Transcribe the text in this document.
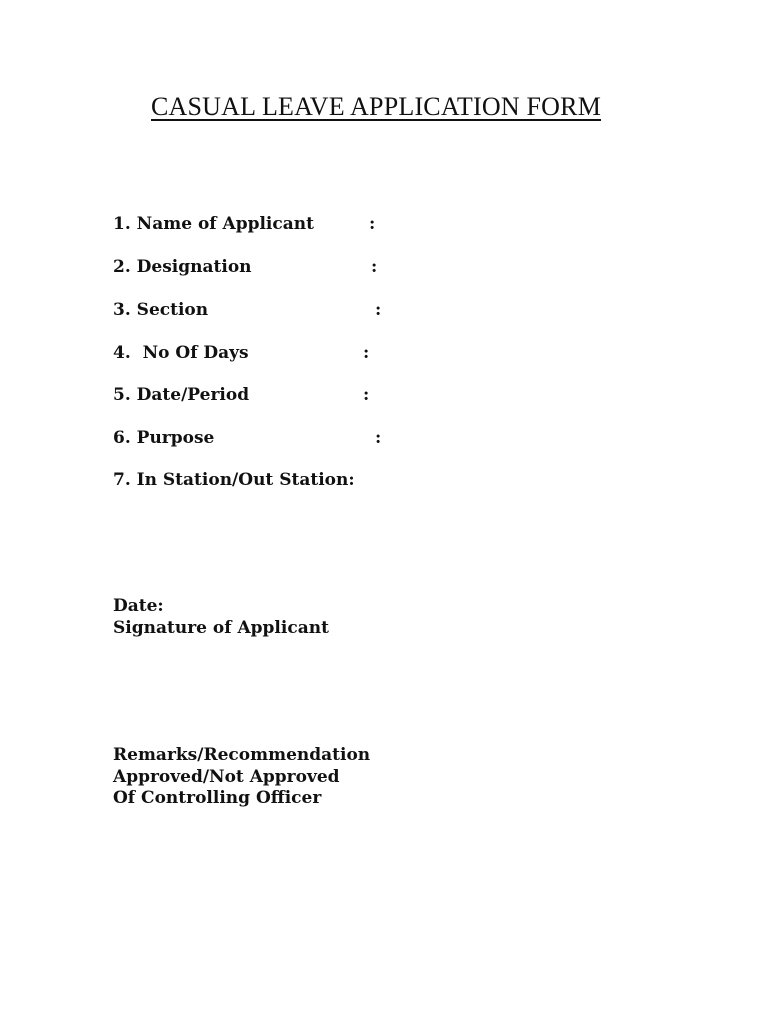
CASUAL LEAVE APPLICATION FORM
1. Name of Applicant	:
2. Designation	:
3. Section	:
4.  No Of Days	:
5. Date/Period	:
6. Purpose	:
7. In Station/Out Station:
Date:
Signature of Applicant
Remarks/Recommendation
Approved/Not Approved
Of Controlling Officer
